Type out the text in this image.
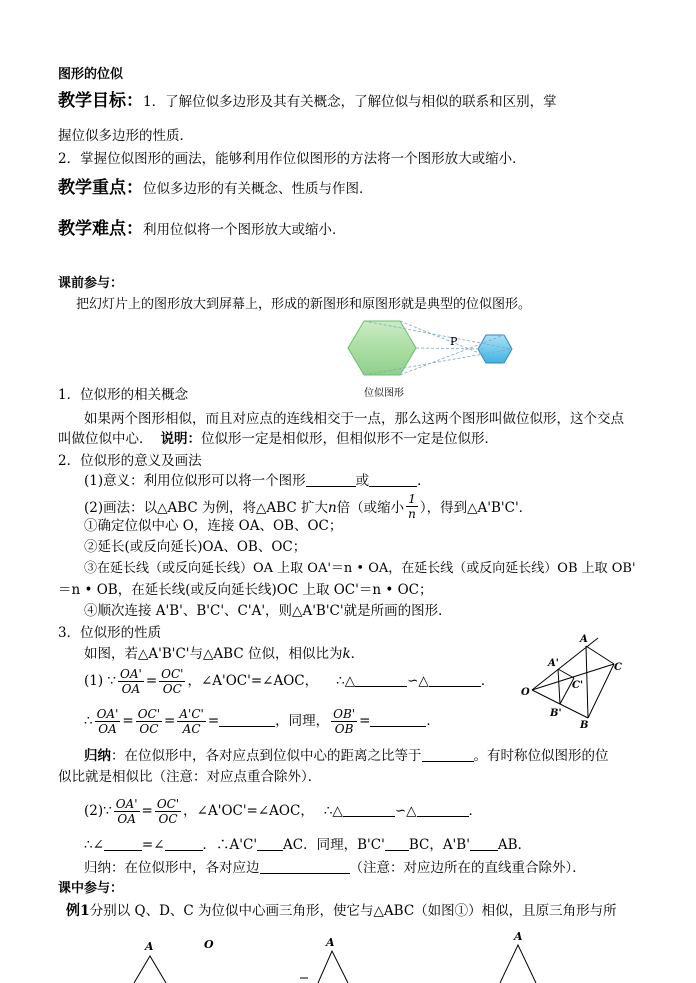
图形的位似
教学目标：1．了解位似多边形及其有关概念，了解位似与相似的联系和区别，掌
握位似多边形的性质．
2．掌握位似图形的画法，能够利用作位似图形的方法将一个图形放大或缩小．
教学重点：位似多边形的有关概念、性质与作图．
教学难点：利用位似将一个图形放大或缩小．
课前参与：
把幻灯片上的图形放大到屏幕上，形成的新图形和原图形就是典型的位似图形。
P
位似图形
1．位似形的相关概念
如果两个图形相似，而且对应点的连线相交于一点，那么这两个图形叫做位似形，这个交点
叫做位似中心． 说明：位似形一定是相似形，但相似形不一定是位似形．
2．位似形的意义及画法
(1)意义：利用位似形可以将一个图形	或	．
(2)画法：以△ABC 为例，将△ABC 扩大n倍（或缩小 $\frac{1}{n}$ ），得到△A'B'C'．
①确定位似中心 O，连接 OA、OB、OC；
②延长(或反向延长)OA、OB、OC；
③在延长线（或反向延长线）OA 上取 OA'＝n • OA，在延长线（或反向延长线）OB 上取 OB'
＝n • OB，在延长线(或反向延长线)OC 上取 OC'＝n • OC；
④顺次连接 A'B'、B'C'、C'A'，则△A'B'C'就是所画的图形．
3．位似形的性质
如图，若△A'B'C'与△ABC 位似，相似比为k．
(1) ∵ $\frac{OA'}{OA} = \frac{OC'}{OC}$ ，∠A'OC'=∠AOC， ∴△	∽△	．
∴ $\frac{OA'}{OA} = \frac{OC'}{OC} = \frac{A'C'}{AC}$ =	，同理， $\frac{OB'}{OB}$ =	．
A
A'	C
C'
O
B'
B
归纳：在位似形中，各对应点到位似中心的距离之比等于	。有时称位似图形的位
似比就是相似比（注意：对应点重合除外）．
(2)∵ $\frac{OA'}{OA} = \frac{OC'}{OC}$ ，∠A'OC'=∠AOC， ∴△	∽△	．
∴∠	=∠	．∴A'C' AC．同理，B'C' BC，A'B' AB．
归纳：在位似形中，各对应边	（注意：对应边所在的直线重合除外）．
课中参与：
例1分别以 Q、D、C 为位似中心画三角形，使它与△ABC（如图①）相似，且原三角形与所
A	O	A	A
